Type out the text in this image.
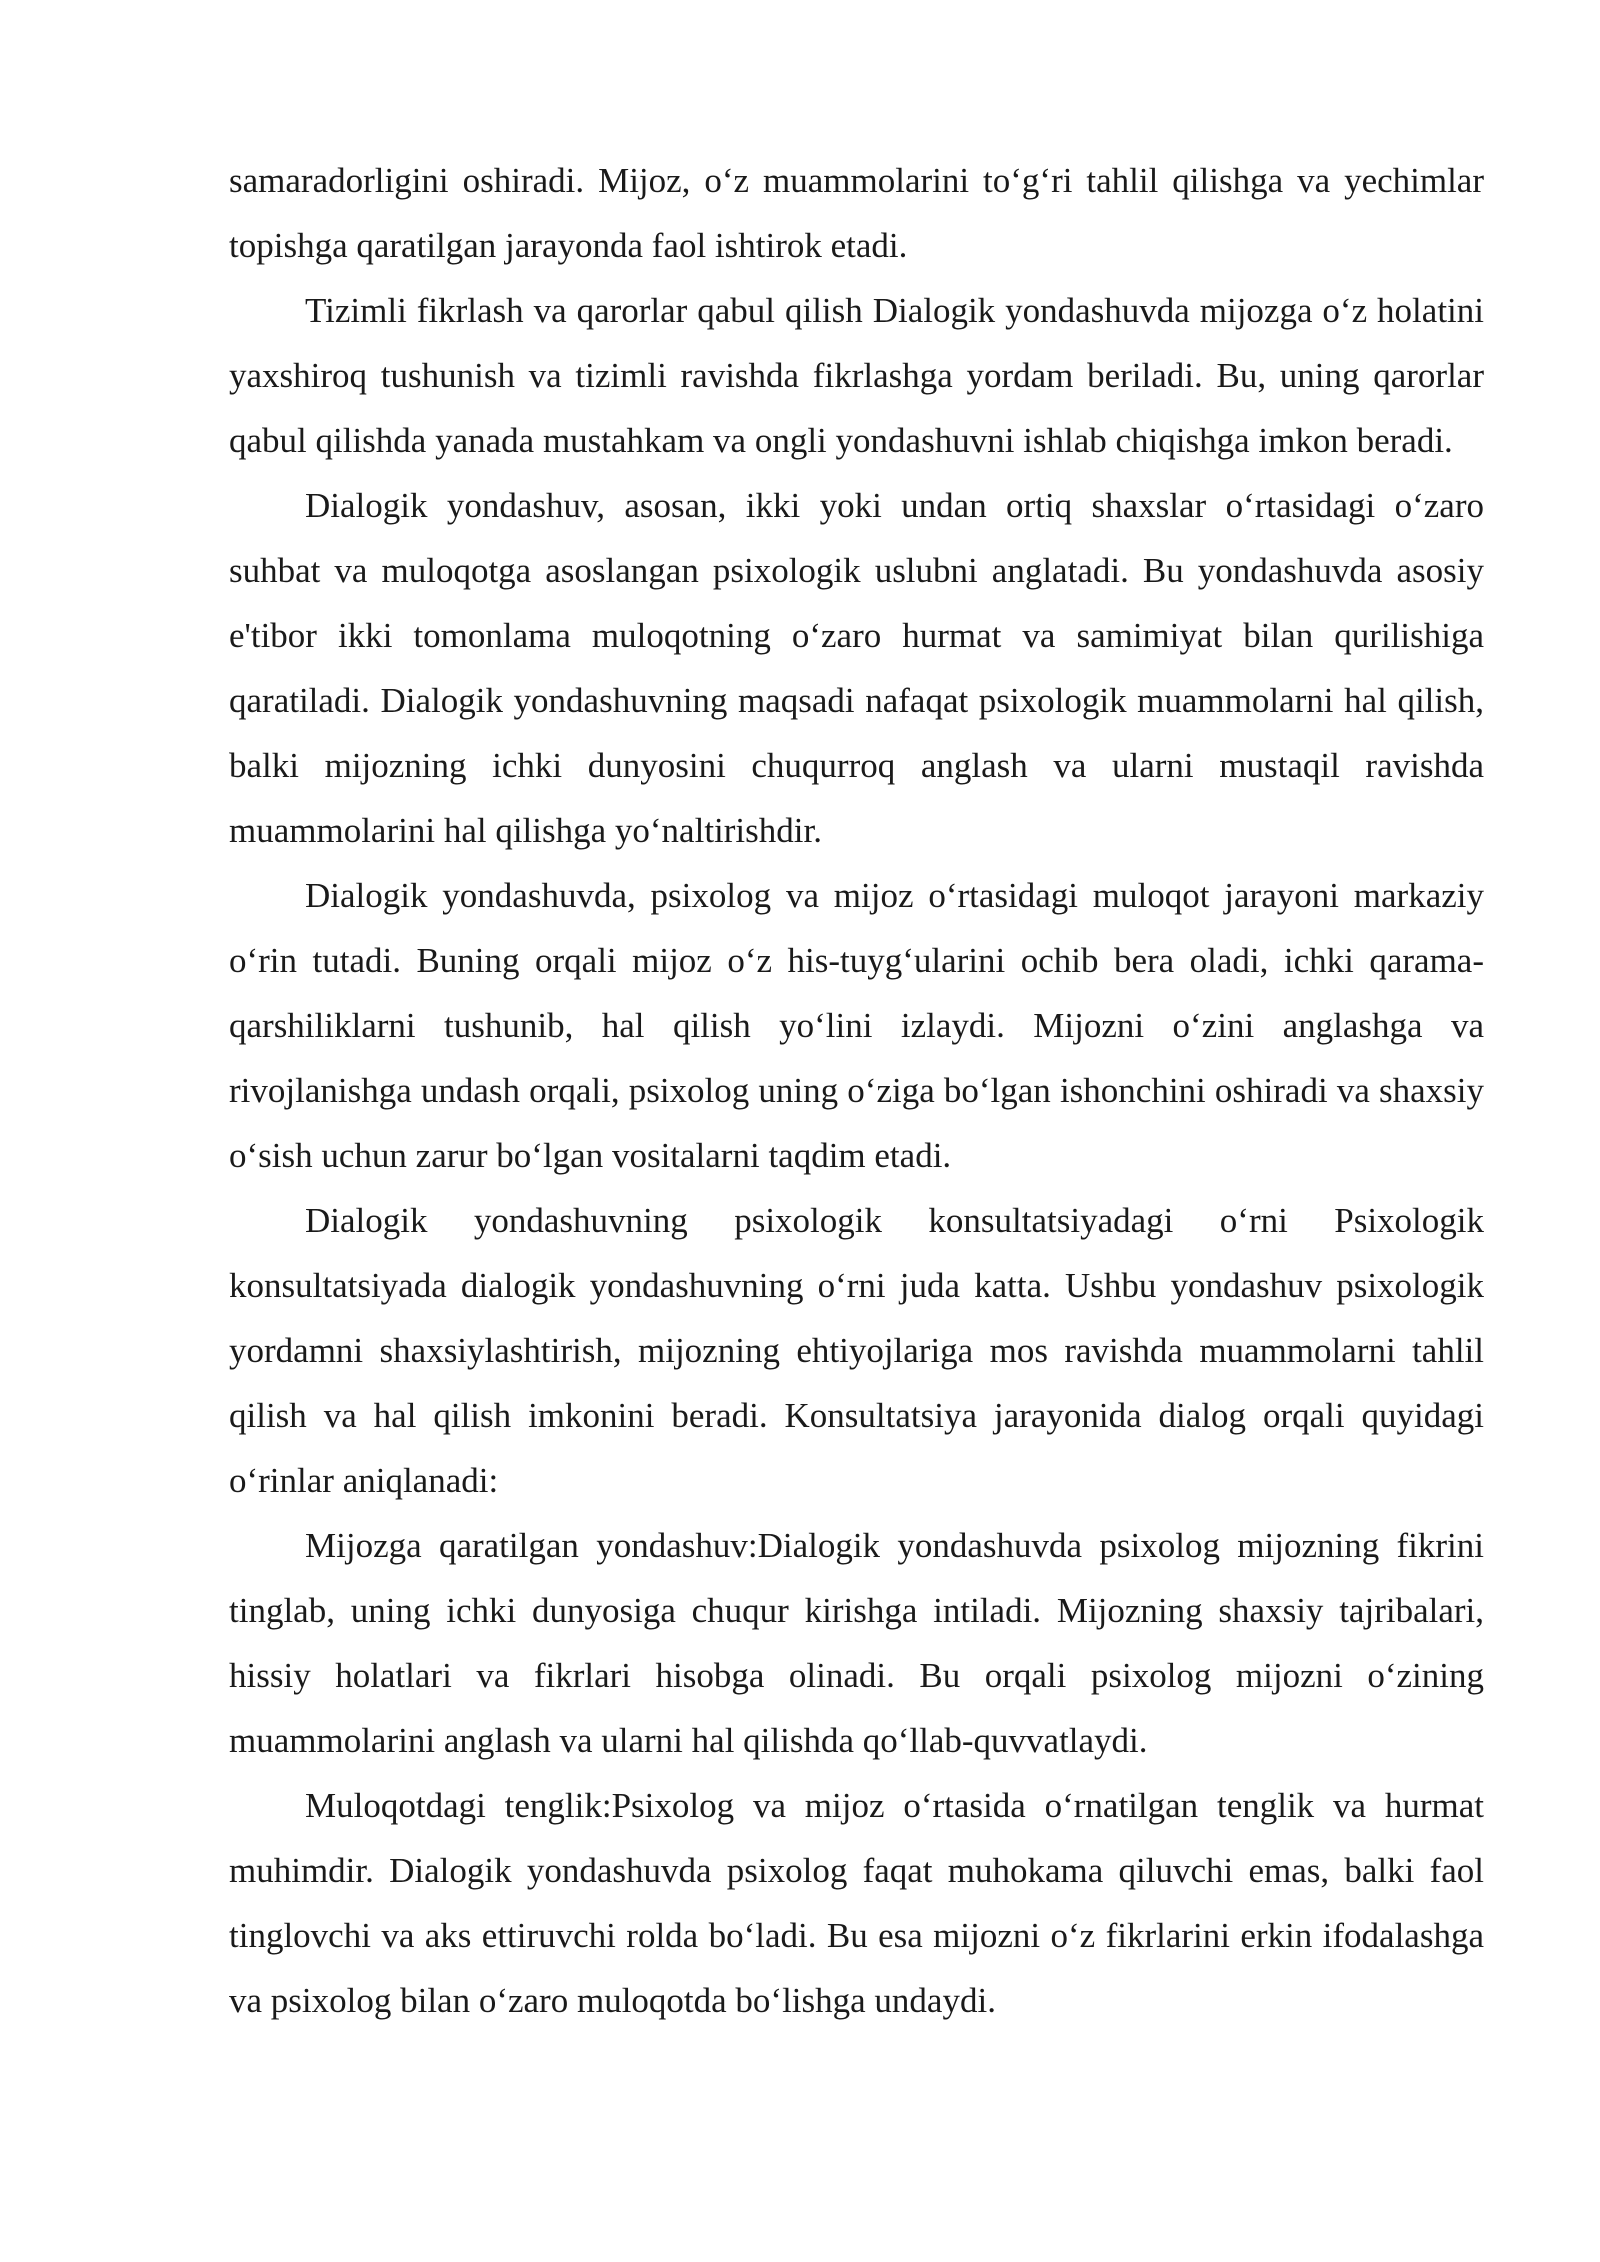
samaradorligini oshiradi. Mijoz, o‘z muammolarini to‘g‘ri tahlil qilishga va yechimlar topishga qaratilgan jarayonda faol ishtirok etadi.

Tizimli fikrlash va qarorlar qabul qilish Dialogik yondashuvda mijozga o‘z holatini yaxshiroq tushunish va tizimli ravishda fikrlashga yordam beriladi. Bu, uning qarorlar qabul qilishda yanada mustahkam va ongli yondashuvni ishlab chiqishga imkon beradi.

Dialogik yondashuv, asosan, ikki yoki undan ortiq shaxslar o‘rtasidagi o‘zaro suhbat va muloqotga asoslangan psixologik uslubni anglatadi. Bu yondashuvda asosiy e'tibor ikki tomonlama muloqotning o‘zaro hurmat va samimiyat bilan qurilishiga qaratiladi. Dialogik yondashuvning maqsadi nafaqat psixologik muammolarni hal qilish, balki mijozning ichki dunyosini chuqurroq anglash va ularni mustaqil ravishda muammolarini hal qilishga yo‘naltirishdir.

Dialogik yondashuvda, psixolog va mijoz o‘rtasidagi muloqot jarayoni markaziy o‘rin tutadi. Buning orqali mijoz o‘z his-tuyg‘ularini ochib bera oladi, ichki qarama-qarshiliklarni tushunib, hal qilish yo‘lini izlaydi. Mijozni o‘zini anglashga va rivojlanishga undash orqali, psixolog uning o‘ziga bo‘lgan ishonchini oshiradi va shaxsiy o‘sish uchun zarur bo‘lgan vositalarni taqdim etadi.

Dialogik yondashuvning psixologik konsultatsiyadagi o‘rni Psixologik konsultatsiyada dialogik yondashuvning o‘rni juda katta. Ushbu yondashuv psixologik yordamni shaxsiylashtirish, mijozning ehtiyojlariga mos ravishda muammolarni tahlil qilish va hal qilish imkonini beradi. Konsultatsiya jarayonida dialog orqali quyidagi o‘rinlar aniqlanadi:

Mijozga qaratilgan yondashuv:Dialogik yondashuvda psixolog mijozning fikrini tinglab, uning ichki dunyosiga chuqur kirishga intiladi. Mijozning shaxsiy tajribalari, hissiy holatlari va fikrlari hisobga olinadi. Bu orqali psixolog mijozni o‘zining muammolarini anglash va ularni hal qilishda qo‘llab-quvvatlaydi.

Muloqotdagi tenglik:Psixolog va mijoz o‘rtasida o‘rnatilgan tenglik va hurmat muhimdir. Dialogik yondashuvda psixolog faqat muhokama qiluvchi emas, balki faol tinglovchi va aks ettiruvchi rolda bo‘ladi. Bu esa mijozni o‘z fikrlarini erkin ifodalashga va psixolog bilan o‘zaro muloqotda bo‘lishga undaydi.
